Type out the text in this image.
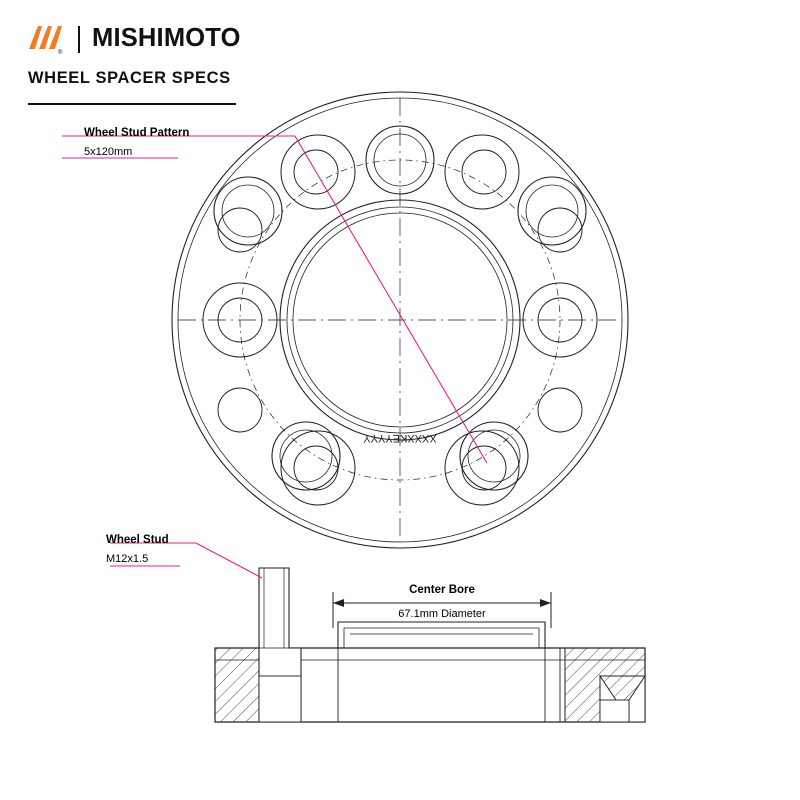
®
MISHIMOTO
WHEEL SPACER SPECS
XXXXKEYYYY
Wheel Stud Pattern
5x120mm
Wheel Stud
M12x1.5
Center Bore
67.1mm Diameter
